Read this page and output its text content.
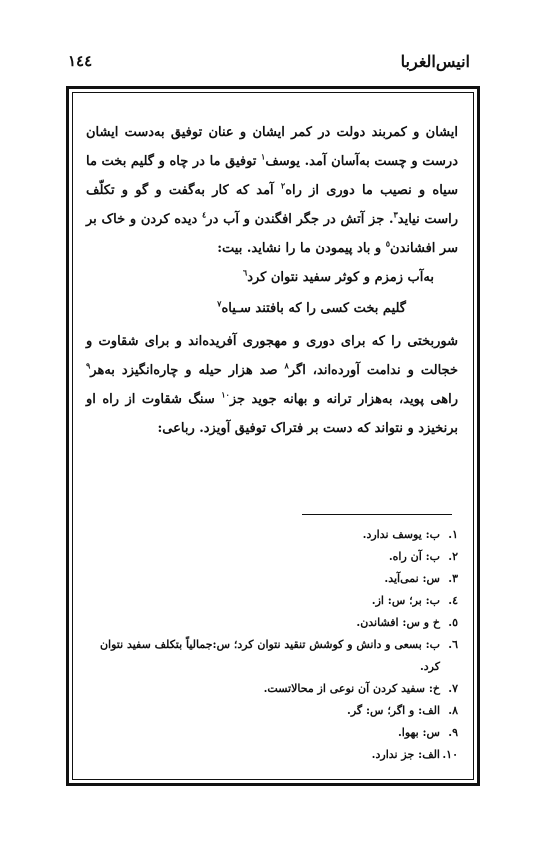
انیس‌الغربا
١٤٤

ایشان و کمربند دولت در کمر ایشان و عنان توفیق به‌دست ایشان درست و چست به‌آسان آمد. یوسف$^١$ توفیق ما در چاه و گلیم بخت ما سیاه و نصیب ما دوری از راه$^٢$ آمد که کار به‌گفت و گو و تکلّف راست نیاید$^٣$. جز آتش در جگر افگندن و آب در$^٤$ دیده کردن و خاک بر سر افشاندن$^٥$ و باد پیمودن ما را نشاید. بیت:

به‌آب زمزم و کوثر سفید نتوان کرد$^٦$

گلیم بخت کسی را که بافتند سـیاه$^٧$

شوربختی را که برای دوری و مهجوری آفریده‌اند و برای شقاوت و خجالت و ندامت آورده‌اند، اگر$^٨$ صد هزار حیله و چاره‌انگیزد به‌هر$^٩$ راهی پوید، به‌هزار ترانه و بهانه جوید جز$^{١٠}$ سنگ شقاوت از راه او برنخیزد و نتواند که دست بر فتراک توفیق آویزد. رباعی:

١.ب: یوسف ندارد.

٢.ب: آن راه.

٣.س: نمی‌آید.

٤.ب: بر؛ س: از.

٥.خ و س: افشاندن.

٦.ب: بسعی و دانش و کوشش تنقید نتوان کرد؛ س:جمالیاً بتکلف سفید نتوان کرد.

٧.خ: سفید کردن آن نوعی از محالاتست.

٨.الف: و اگر؛ س: گر.

٩.س: بهوا.

١٠.الف: جز ندارد.
